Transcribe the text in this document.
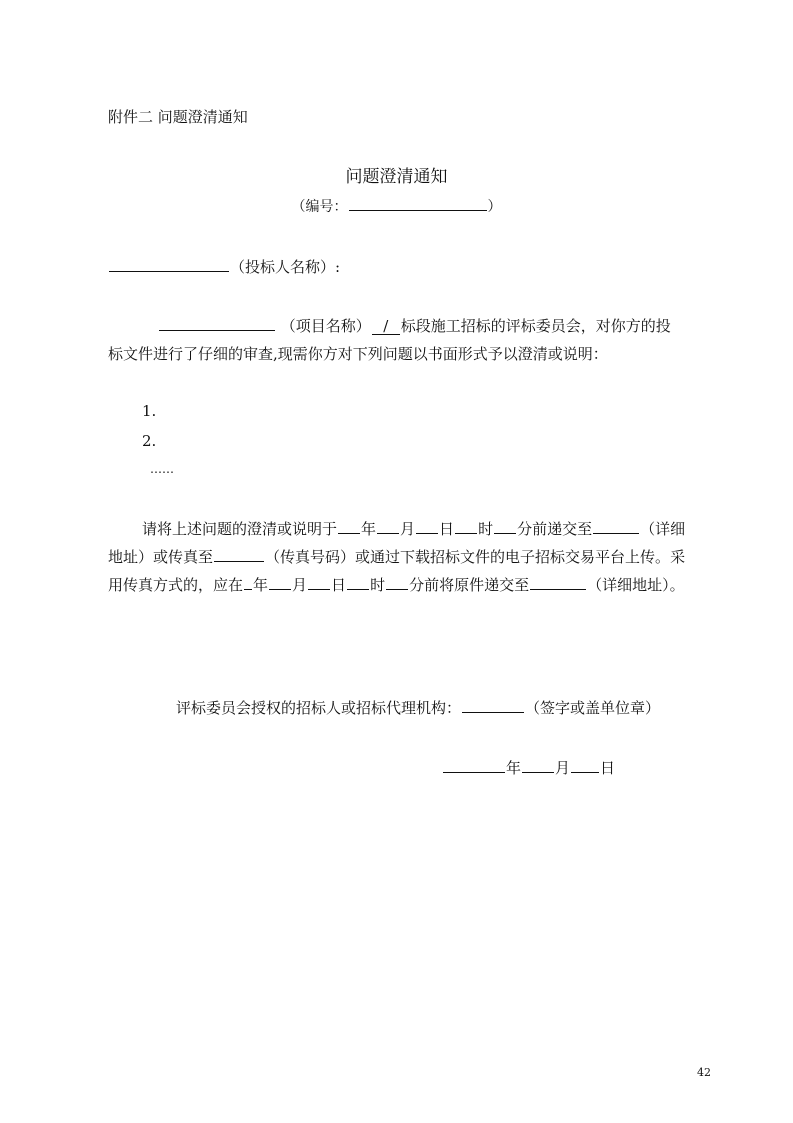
附件二 问题澄清通知
问题澄清通知
（编号：	）
（投标人名称）:
（项目名称） / 标段施工招标的评标委员会，对你方的投
标文件进行了仔细的审查,现需你方对下列问题以书面形式予以澄清或说明：
1.
2.
……
请将上述问题的澄清或说明于 年 月 日 时 分前递交至	（详细地址）或传真至	（传真号码）或通过下载招标文件的电子招标交易平台上传。采用传真方式的，应在 年 月 日 时 分前将原件递交至	（详细地址）。
评标委员会授权的招标人或招标代理机构：	（签字或盖单位章）
年 月 日
42
